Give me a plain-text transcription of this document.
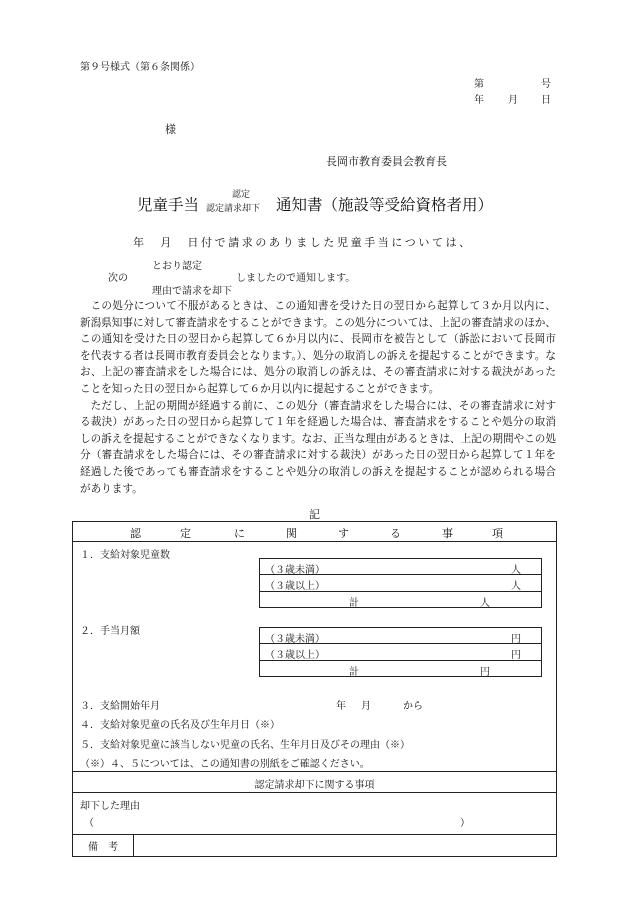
第９号様式（第６条関係）
第	号
年 月 日
様
長岡市教育委員会教育長
児童手当
認定
認定請求却下 通知書（施設等受給資格者用）
年　月　日付で請求のありました児童手当については、
とおり認定
次の	しましたので通知します。
理由で請求を却下

この処分について不服があるときは、この通知書を受けた日の翌日から起算して３か月以内に、新潟県知事に対して審査請求をすることができます。この処分については、上記の審査請求のほか、この通知を受けた日の翌日から起算して６か月以内に、長岡市を被告として（訴訟において長岡市を代表する者は長岡市教育委員会となります。）、処分の取消しの訴えを提起することができます。なお、上記の審査請求をした場合には、処分の取消しの訴えは、その審査請求に対する裁決があったことを知った日の翌日から起算して６か月以内に提起することができます。

ただし、上記の期間が経過する前に、この処分（審査請求をした場合には、その審査請求に対する裁決）があった日の翌日から起算して１年を経過した場合は、審査請求をすることや処分の取消しの訴えを提起することができなくなります。なお、正当な理由があるときは、上記の期間やこの処分（審査請求をした場合には、その審査請求に対する裁決）があった日の翌日から起算して１年を経過した後であっても審査請求をすることや処分の取消しの訴えを提起することが認められる場合があります。

記
認	定	に	関	す	る	事	項
１．支給対象児童数
（３歳未満）	人
（３歳以上）	人
計	人
２．手当月額
（３歳未満）	円
（３歳以上）	円
計	円
３．支給開始年月	年 月	から
４．支給対象児童の氏名及び生年月日（※）
５．支給対象児童に該当しない児童の氏名、生年月日及びその理由（※）
（※）４、５については、この通知書の別紙をご確認ください。
認定請求却下に関する事項
却下した理由
（	）
備　考
